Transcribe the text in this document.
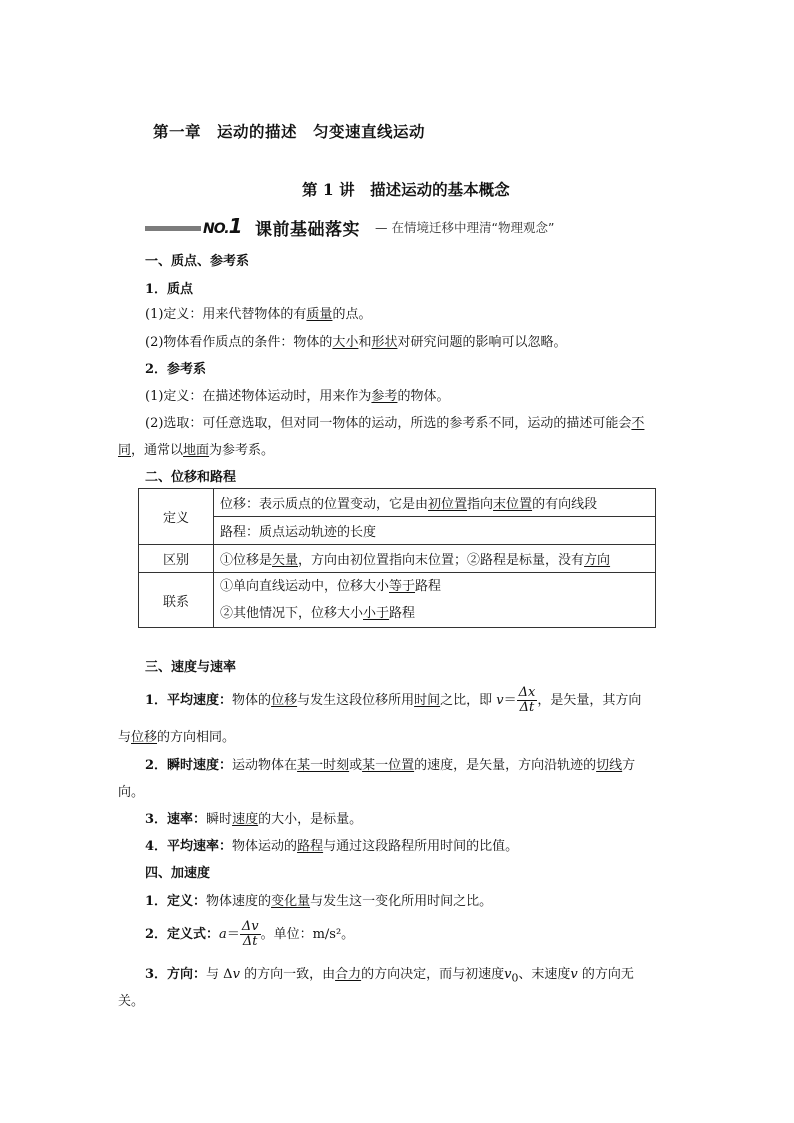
第一章　运动的描述　匀变速直线运动
第 1 讲　描述运动的基本概念
NO.1 课前基础落实 — 在情境迁移中理清“物理观念”
一、质点、参考系
1．质点
(1)定义：用来代替物体的有质量的点。
(2)物体看作质点的条件：物体的大小和形状对研究问题的影响可以忽略。
2．参考系
(1)定义：在描述物体运动时，用来作为参考的物体。
(2)选取：可任意选取，但对同一物体的运动，所选的参考系不同，运动的描述可能会不
同，通常以地面为参考系。
二、位移和路程
定义	位移：表示质点的位置变动，它是由初位置指向末位置的有向线段
	路程：质点运动轨迹的长度
区别	①位移是矢量，方向由初位置指向末位置；②路程是标量，没有方向
联系	①单向直线运动中，位移大小等于路程
②其他情况下，位移大小小于路程
三、速度与速率
1．平均速度：物体的位移与发生这段位移所用时间之比，即 $v= \frac{\Delta x}{\Delta t}$ ，是矢量，其方向
与位移的方向相同。
2．瞬时速度：运动物体在某一时刻或某一位置的速度，是矢量，方向沿轨迹的切线方
向。
3．速率：瞬时速度的大小，是标量。
4．平均速率：物体运动的路程与通过这段路程所用时间的比值。
四、加速度
1．定义：物体速度的变化量与发生这一变化所用时间之比。
2．定义式：$a= \frac{\Delta v}{\Delta t}$ 。单位：m/s²。
3．方向：与 Δv 的方向一致，由合力的方向决定，而与初速度$v_0$、末速度v 的方向无
关。
